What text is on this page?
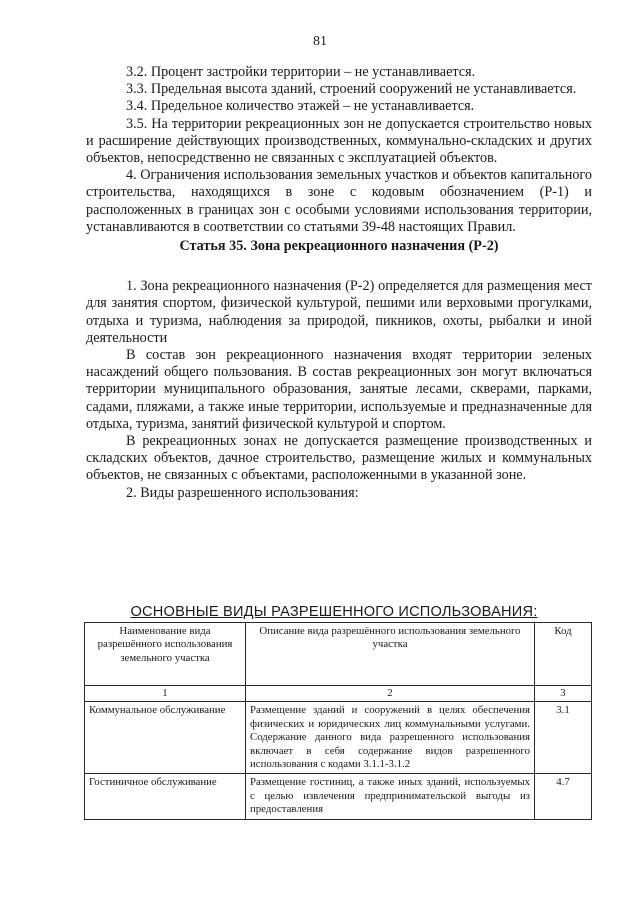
81

3.2. Процент застройки территории – не устанавливается.

3.3. Предельная высота зданий, строений сооружений не устанавливается.

3.4. Предельное количество этажей – не устанавливается.

3.5. На территории рекреационных зон не допускается строительство новых и расширение действующих производственных, коммунально-складских и других объектов, непосредственно не связанных с эксплуатацией объектов.

4. Ограничения использования земельных участков и объектов капитального строительства, находящихся в зоне с кодовым обозначением (Р-1) и расположенных в границах зон с особыми условиями использования территории, устанавливаются в соответствии со статьями 39-48 настоящих Правил.

Статья 35. Зона рекреационного назначения (Р-2)

1. Зона рекреационного назначения (Р-2) определяется для размещения мест для занятия спортом, физической культурой, пешими или верховыми прогулками, отдыха и туризма, наблюдения за природой, пикников, охоты, рыбалки и иной деятельности

В состав зон рекреационного назначения входят территории зеленых насаждений общего пользования. В состав рекреационных зон могут включаться территории муниципального образования, занятые лесами, скверами, парками, садами, пляжами, а также иные территории, используемые и предназначенные для отдыха, туризма, занятий физической культурой и спортом.

В рекреационных зонах не допускается размещение производственных и складских объектов, дачное строительство, размещение жилых и коммунальных объектов, не связанных с объектами, расположенными в указанной зоне.

2. Виды разрешенного использования:

ОСНОВНЫЕ ВИДЫ РАЗРЕШЕННОГО ИСПОЛЬЗОВАНИЯ:
Наименование вида разрешённого использования земельного участка	Описание вида разрешённого использования земельного участка	Код
1	2	3
Коммунальное обслуживание	Размещение зданий и сооружений в целях обеспечения физических и юридических лиц коммунальными услугами. Содержание данного вида разрешенного использования включает в себя содержание видов разрешенного использования с кодами 3.1.1-3.1.2	3.1
Гостиничное обслуживание	Размещение гостиниц, а также иных зданий, используемых с целью извлечения предпринимательской выгоды из предоставления	4.7
